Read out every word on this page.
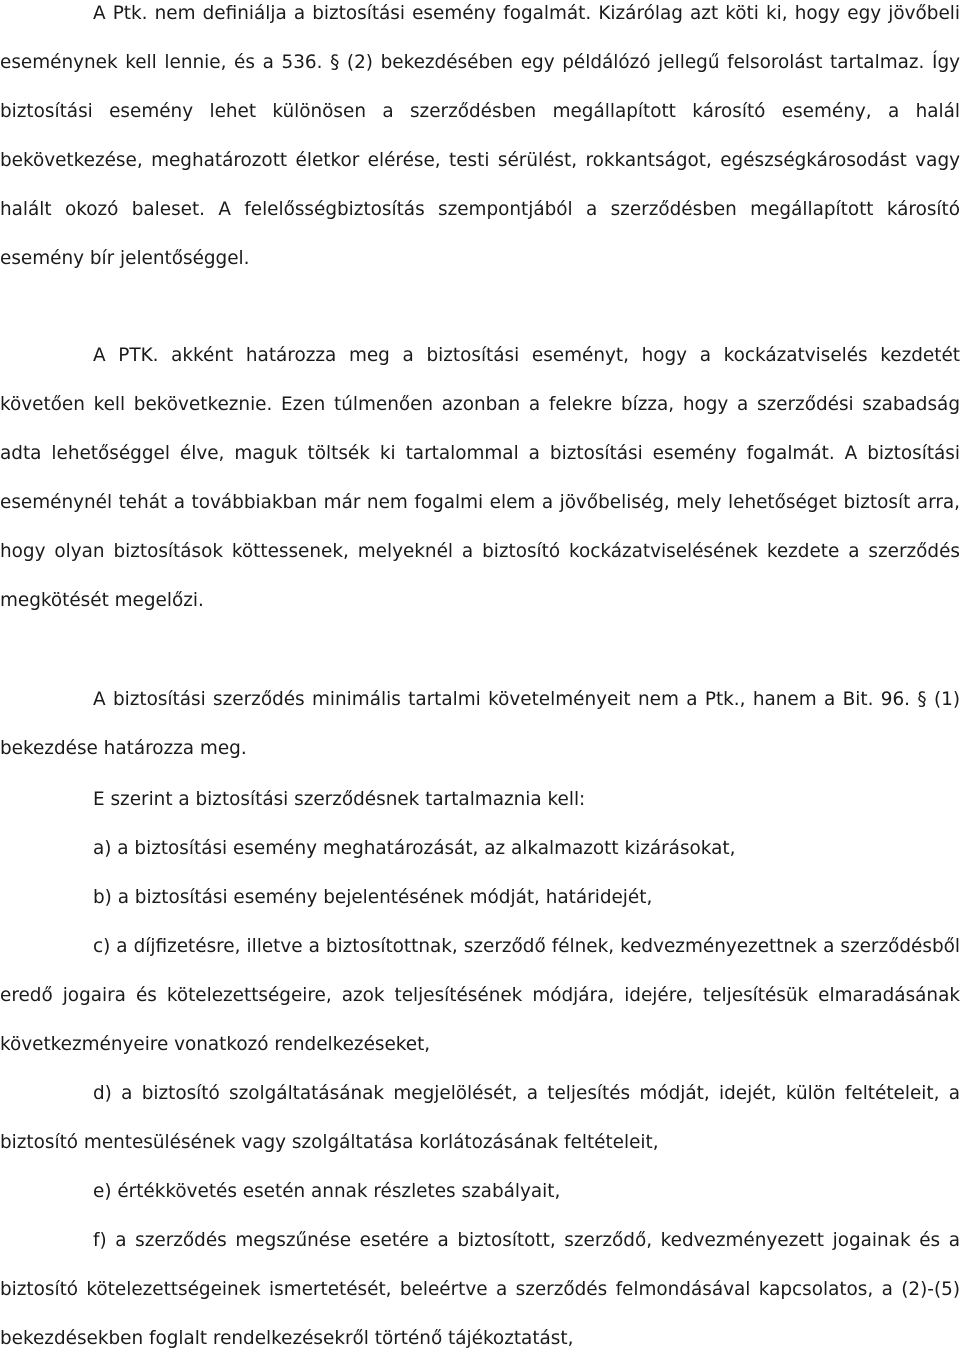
A Ptk. nem definiálja a biztosítási esemény fogalmát. Kizárólag azt köti ki, hogy egy jövőbeli eseménynek kell lennie, és a 536. § (2) bekezdésében egy példálózó jellegű felsorolást tartalmaz. Így biztosítási esemény lehet különösen a szerződésben megállapított károsító esemény, a halál bekövetkezése, meghatározott életkor elérése, testi sérülést, rokkantságot, egészségkárosodást vagy halált okozó baleset. A felelősségbiztosítás szempontjából a szerződésben megállapított károsító esemény bír jelentőséggel.

A PTK. akként határozza meg a biztosítási eseményt, hogy a kockázatviselés kezdetét követően kell bekövetkeznie. Ezen túlmenően azonban a felekre bízza, hogy a szerződési szabadság adta lehetőséggel élve, maguk töltsék ki tartalommal a biztosítási esemény fogalmát. A biztosítási eseménynél tehát a továbbiakban már nem fogalmi elem a jövőbeliség, mely lehetőséget biztosít arra, hogy olyan biztosítások köttessenek, melyeknél a biztosító kockázatviselésének kezdete a szerződés megkötését megelőzi.

A biztosítási szerződés minimális tartalmi követelményeit nem a Ptk., hanem a Bit. 96. § (1) bekezdése határozza meg.

E szerint a biztosítási szerződésnek tartalmaznia kell:

a) a biztosítási esemény meghatározását, az alkalmazott kizárásokat,

b) a biztosítási esemény bejelentésének módját, határidejét,

c) a díjfizetésre, illetve a biztosítottnak, szerződő félnek, kedvezményezettnek a szerződésből eredő jogaira és kötelezettségeire, azok teljesítésének módjára, idejére, teljesítésük elmaradásának következményeire vonatkozó rendelkezéseket,

d) a biztosító szolgáltatásának megjelölését, a teljesítés módját, idejét, külön feltételeit, a biztosító mentesülésének vagy szolgáltatása korlátozásának feltételeit,

e) értékkövetés esetén annak részletes szabályait,

f) a szerződés megszűnése esetére a biztosított, szerződő, kedvezményezett jogainak és a biztosító kötelezettségeinek ismertetését, beleértve a szerződés felmondásával kapcsolatos, a (2)-(5) bekezdésekben foglalt rendelkezésekről történő tájékoztatást,
